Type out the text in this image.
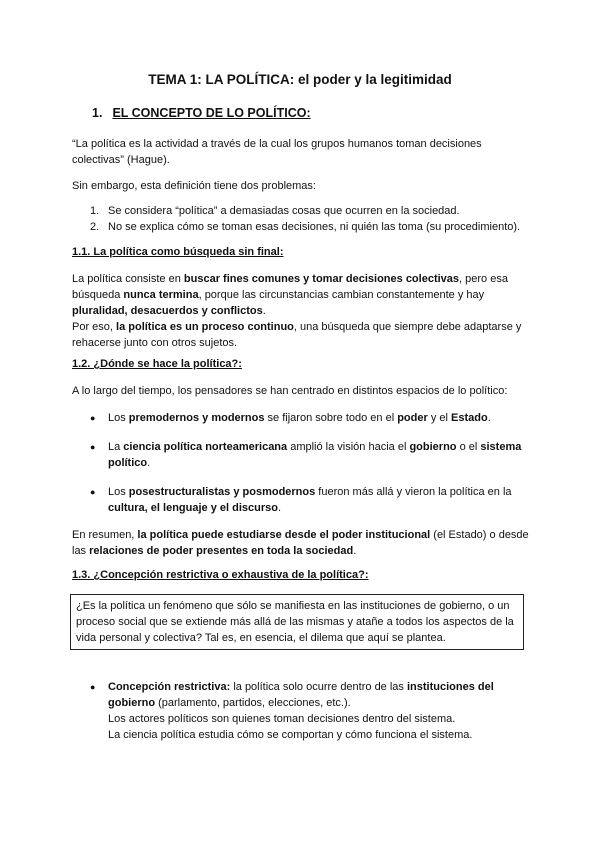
TEMA 1: LA POLÍTICA: el poder y la legitimidad
1. EL CONCEPTO DE LO POLÍTICO:
“La política es la actividad a través de la cual los grupos humanos toman decisiones colectivas” (Hague).
Sin embargo, esta definición tiene dos problemas:
1. Se considera “política” a demasiadas cosas que ocurren en la sociedad.
2. No se explica cómo se toman esas decisiones, ni quién las toma (su procedimiento).
1.1. La política como búsqueda sin final:
La política consiste en buscar fines comunes y tomar decisiones colectivas, pero esa búsqueda nunca termina, porque las circunstancias cambian constantemente y hay pluralidad, desacuerdos y conflictos.
Por eso, la política es un proceso continuo, una búsqueda que siempre debe adaptarse y rehacerse junto con otros sujetos.
1.2. ¿Dónde se hace la política?:
A lo largo del tiempo, los pensadores se han centrado en distintos espacios de lo político:
●	Los premodernos y modernos se fijaron sobre todo en el poder y el Estado.
●	La ciencia política norteamericana amplió la visión hacia el gobierno o el sistema político.
●	Los posestructuralistas y posmodernos fueron más allá y vieron la política en la cultura, el lenguaje y el discurso.
En resumen, la política puede estudiarse desde el poder institucional (el Estado) o desde las relaciones de poder presentes en toda la sociedad.
1.3. ¿Concepción restrictiva o exhaustiva de la política?:
¿Es la política un fenómeno que sólo se manifiesta en las instituciones de gobierno, o un proceso social que se extiende más allá de las mismas y atañe a todos los aspectos de la vida personal y colectiva? Tal es, en esencia, el dilema que aquí se plantea.
●	Concepción restrictiva: la política solo ocurre dentro de las instituciones del gobierno (parlamento, partidos, elecciones, etc.).
Los actores políticos son quienes toman decisiones dentro del sistema.
La ciencia política estudia cómo se comportan y cómo funciona el sistema.
